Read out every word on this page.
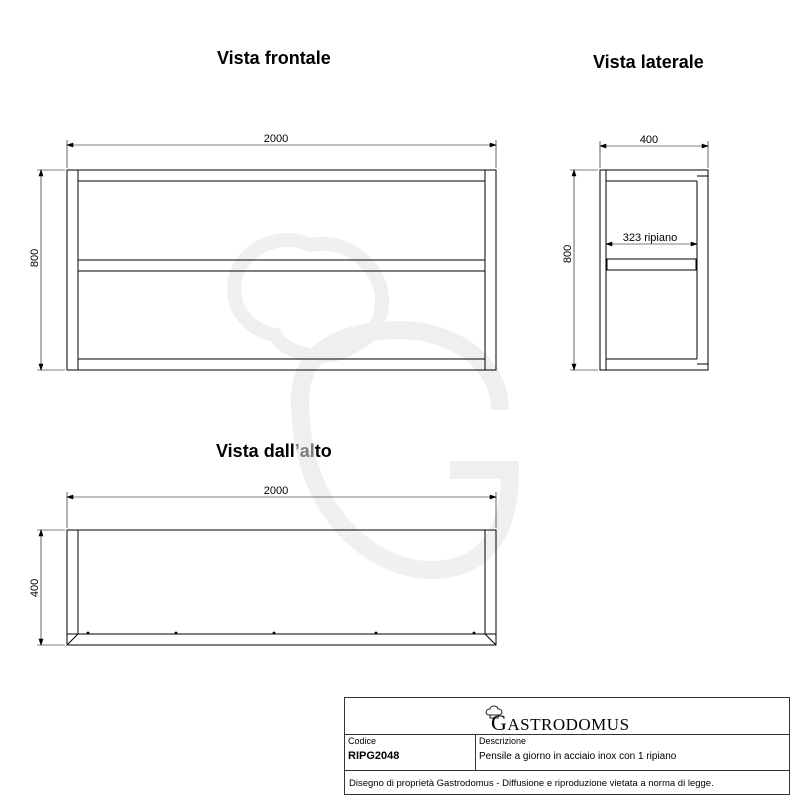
Vista frontale	Vista laterale
Vista dall’alto
2000
800
400
800
323 ripiano
2000
400
GASTRODOMUS
Codice
RIPG2048
Descrizione
Pensile a giorno in acciaio inox con 1 ripiano
Disegno di proprietà Gastrodomus - Diffusione e riproduzione vietata a norma di legge.
